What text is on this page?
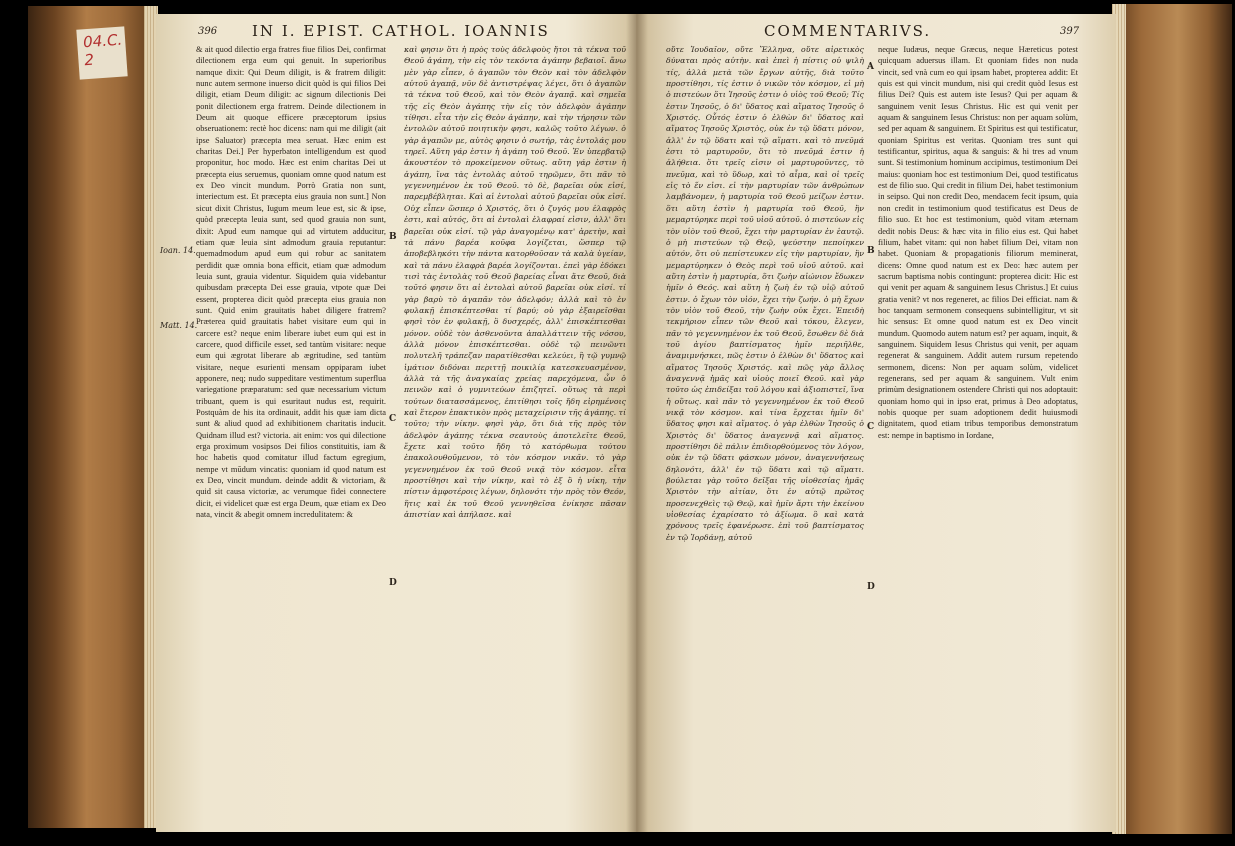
04.C.
2
396 IN I. EPIST. CATHOL. IOANNIS

& ait quod dilectio erga fratres fiue filios Dei, confirmat dilectionem erga eum qui genuit. In superioribus namque dixit: Qui Deum diligit, is & fratrem diligit: nunc autem sermone inuerso dicit quòd is qui filios Dei diligit, etiam Deum diligit: ac signum dilectionis Dei ponit dilectionem erga fratrem. Deinde dilectionem in Deum ait quoque efficere præceptorum ipsius obseruationem: rectè hoc dicens: nam qui me diligit (ait ipse Saluator) præcepta mea seruat. Hæc enim est charitas Dei.] Per hyperbaton intelligendum est quod proponitur, hoc modo. Hæc est enim charitas Dei ut præcepta eius seruemus, quoniam omne quod natum est ex Deo vincit mundum. Porrò Gratia non sunt, interiectum est. Et præcepta eius grauia non sunt.] Non sicut dixit Christus, Iugum meum leue est, sic & ipse, quòd præcepta leuia sunt, sed quod grauia non sunt, dixit: Apud eum namque qui ad virtutem adducitur, etiam quæ leuia sint admodum grauia reputantur: quemadmodum apud eum qui robur ac sanitatem perdidit quæ omnia bona efficit, etiam quæ admodum leuia sunt, grauia videntur. Siquidem quia videbantur quibusdam præcepta Dei esse grauia, vtpote quæ Dei essent, propterea dicit quòd præcepta eius grauia non sunt. Quid enim grauitatis habet diligere fratrem? Præterea quid grauitatis habet visitare eum qui in carcere est? neque enim liberare iubet eum qui est in carcere, quod difficile esset, sed tantùm visitare: neque eum qui ægrotat liberare ab ægritudine, sed tantùm visitare, neque esurienti mensam oppiparam iubet apponere, neq; nudo suppeditare vestimentum superflua variegatione præparatum: sed quæ necessarium victum tribuant, quem is qui esuritaut nudus est, requirit. Postquàm de his ita ordinauit, addit his quæ iam dicta sunt & aliud quod ad exhibitionem charitatis inducit. Quidnam illud est? victoria. ait enim: vos qui dilectione erga proximum vosipsos Dei filios constituitis, iam & hoc habetis quod comitatur illud factum egregium, nempe vt mūdum vincatis: quoniam id quod natum est ex Deo, vincit mundum. deinde addit & victoriam, & quid sit causa victoriæ, ac verumque fidei connectere dicit, ei videlicet quæ est erga Deum, quæ etiam ex Deo nata, vincit & abegit omnem incredulitatem: &

καὶ φησιν ὅτι ἡ πρὸς τοὺς ἀδελφοὺς ἤτοι τὰ τέκνα τοῦ Θεοῦ ἀγάπη, τὴν εἰς τὸν τεκόντα ἀγάπην βεβαιοῖ. ἄνω μὲν γὰρ εἶπεν, ὁ ἀγαπῶν τὸν Θεὸν καὶ τὸν ἀδελφὸν αὐτοῦ ἀγαπᾷ, νῦν δὲ ἀντιστρέψας λέγει, ὅτι ὁ ἀγαπῶν τὰ τέκνα τοῦ Θεοῦ, καὶ τὸν Θεὸν ἀγαπᾷ. καὶ σημεῖα τῆς εἰς Θεὸν ἀγάπης τὴν εἰς τὸν ἀδελφὸν ἀγάπην τίθησι. εἶτα τὴν εἰς Θεὸν ἀγάπην, καὶ τὴν τήρησιν τῶν ἐντολῶν αὐτοῦ ποιητικὴν φησι, καλῶς τοῦτο λέγων. ὁ γὰρ ἀγαπῶν με, αὐτὸς φησιν ὁ σωτήρ, τὰς ἐντολάς μου τηρεῖ. Αὕτη γάρ ἐστιν ἡ ἀγάπη τοῦ Θεοῦ. Ἐν ὑπερβατῷ ἀκουστέον τὸ προκείμενον οὕτως. αὕτη γάρ ἐστιν ἡ ἀγάπη, ἵνα τὰς ἐντολὰς αὐτοῦ τηρῶμεν, ὅτι πᾶν τὸ γεγεννημένον ἐκ τοῦ Θεοῦ. τὸ δὲ, βαρεῖαι οὐκ εἰσί, παρεμβέβληται. Καὶ αἱ ἐντολαὶ αὐτοῦ βαρεῖαι οὐκ εἰσί. Οὐχ εἶπεν ὥσπερ ὁ Χριστός, ὅτι ὁ ζυγός μου ἐλαφρὸς ἐστι, καὶ αὐτός, ὅτι αἱ ἐντολαὶ ἐλαφραί εἰσιν, ἀλλ' ὅτι βαρεῖαι οὐκ εἰσί. τῷ γὰρ ἀναγομένῳ κατ' ἀρετὴν, καὶ τὰ πάνυ βαρέα κοῦφα λογίζεται, ὥσπερ τῷ ἀποβεβληκότι τὴν πάντα κατορθοῦσαν τὰ καλὰ ὑγείαν, καὶ τὰ πάνυ ἐλαφρὰ βαρέα λογίζονται. ἐπεὶ γὰρ ἐδόκει τισὶ τὰς ἐντολὰς τοῦ Θεοῦ βαρείας εἶναι ἅτε Θεοῦ, διὰ τοῦτό φησιν ὅτι αἱ ἐντολαὶ αὐτοῦ βαρεῖαι οὐκ εἰσί. τί γὰρ βαρὺ τὸ ἀγαπᾶν τὸν ἀδελφόν; ἀλλὰ καὶ τὸ ἐν φυλακῇ ἐπισκέπτεσθαι τί βαρύ; οὐ γὰρ ἐξαιρεῖσθαι φησὶ τὸν ἐν φυλακῇ, ὃ δυσχερές, ἀλλ' ἐπισκέπτεσθαι μόνον. οὐδὲ τὸν ἀσθενοῦντα ἀπαλλάττειν τῆς νόσου, ἀλλὰ μόνον ἐπισκέπτεσθαι. οὐδὲ τῷ πεινῶντι πολυτελῆ τράπεζαν παρατίθεσθαι κελεύει, ἢ τῷ γυμνῷ ἱμάτιον διδόναι περιττῇ ποικιλίᾳ κατεσκευασμένον, ἀλλὰ τὰ τῆς ἀναγκαίας χρείας παρεχόμενα, ὧν ὁ πεινῶν καὶ ὁ γυμνιτεύων ἐπιζητεῖ. οὕτως τὰ περὶ τούτων διατασσάμενος, ἐπιτίθησι τοῖς ἤδη εἰρημένοις καὶ ἕτερον ἐπακτικὸν πρὸς μεταχείρισιν τῆς ἀγάπης. τί τοῦτο; τὴν νίκην. φησὶ γὰρ, ὅτι διὰ τῆς πρὸς τὸν ἀδελφὸν ἀγάπης τέκνα σεαυτοὺς ἀποτελεῖτε Θεοῦ, ἔχετε καὶ τοῦτο ἤδη τὸ κατόρθωμα τούτου ἐπακολουθοῦμενον, τὸ τὸν κόσμον νικᾶν. τὸ γὰρ γεγεννημένον ἐκ τοῦ Θεοῦ νικᾷ τὸν κόσμον. εἶτα προστίθησι καὶ τὴν νίκην, καὶ τὸ ἐξ ὃ ἡ νίκη, τὴν πίστιν ἀμφοτέροις λέγων, δηλονότι τὴν πρὸς τὸν Θεόν, ἥτις καὶ ἐκ τοῦ Θεοῦ γεννηθεῖσα ἐνίκησε πᾶσαν ἀπιστίαν καὶ ἀπήλασε. καὶ

Ioan. 14.
Matt. 14.
B
C
D
COMMENTARIVS.	397

οὔτε Ἰουδαῖον, οὔτε Ἕλληνα, οὔτε αἱρετικὸς δύναται πρὸς αὐτὴν. καὶ ἐπεὶ ἡ πίστις οὐ ψιλὴ τίς, ἀλλὰ μετὰ τῶν ἔργων αὐτῆς, διὰ τοῦτο προστίθησι, τίς ἐστιν ὁ νικῶν τὸν κόσμον, εἰ μὴ ὁ πιστεύων ὅτι Ἰησοῦς ἐστιν ὁ υἱὸς τοῦ Θεοῦ; Τίς ἐστιν Ἰησοῦς, ὁ δι' ὕδατος καὶ αἵματος Ἰησοῦς ὁ Χριστός. Οὗτός ἐστιν ὁ ἐλθὼν δι' ὕδατος καὶ αἵματος Ἰησοῦς Χριστὸς, οὐκ ἐν τῷ ὕδατι μόνον, ἀλλ' ἐν τῷ ὕδατι καὶ τῷ αἵματι. καὶ τὸ πνεῦμά ἐστι τὸ μαρτυροῦν, ὅτι τὸ πνεῦμά ἐστιν ἡ ἀλήθεια. ὅτι τρεῖς εἰσιν οἱ μαρτυροῦντες, τὸ πνεῦμα, καὶ τὸ ὕδωρ, καὶ τὸ αἷμα, καὶ οἱ τρεῖς εἰς τὸ ἕν εἰσι. εἰ τὴν μαρτυρίαν τῶν ἀνθρώπων λαμβάνομεν, ἡ μαρτυρία τοῦ Θεοῦ μείζων ἐστιν. ὅτι αὕτη ἐστὶν ἡ μαρτυρία τοῦ Θεοῦ, ἣν μεμαρτύρηκε περὶ τοῦ υἱοῦ αὐτοῦ. ὁ πιστεύων εἰς τὸν υἱὸν τοῦ Θεοῦ, ἔχει τὴν μαρτυρίαν ἐν ἑαυτῷ. ὁ μὴ πιστεύων τῷ Θεῷ, ψεύστην πεποίηκεν αὐτόν, ὅτι οὐ πεπίστευκεν εἰς τὴν μαρτυρίαν, ἣν μεμαρτύρηκεν ὁ Θεὸς περὶ τοῦ υἱοῦ αὐτοῦ. καὶ αὕτη ἐστὶν ἡ μαρτυρία, ὅτι ζωὴν αἰώνιον ἔδωκεν ἡμῖν ὁ Θεός. καὶ αὕτη ἡ ζωὴ ἐν τῷ υἱῷ αὐτοῦ ἐστιν. ὁ ἔχων τὸν υἱόν, ἔχει τὴν ζωήν. ὁ μὴ ἔχων τὸν υἱὸν τοῦ Θεοῦ, τὴν ζωὴν οὐκ ἔχει. Ἐπειδὴ τεκμήριον εἶπεν τῶν Θεοῦ καὶ τόκου, ἔλεγεν, πᾶν τὸ γεγεννημένον ἐκ τοῦ Θεοῦ, ἔσωθεν δὲ διὰ τοῦ ἁγίου βαπτίσματος ἡμῖν περιῆλθε, ἀναμιμνήσκει, πῶς ἐστιν ὁ ἐλθὼν δι' ὕδατος καὶ αἵματος Ἰησοῦς Χριστός. καὶ πῶς γὰρ ἄλλος ἀναγεννᾷ ἡμᾶς καὶ υἱοὺς ποιεῖ Θεοῦ. καὶ γὰρ τοῦτο ὡς ἐπιδείξαι τοῦ λόγου καὶ ἀξιοπιστεῖ, ἵνα ἡ οὕτως. καὶ πᾶν τὸ γεγεννημένον ἐκ τοῦ Θεοῦ νικᾷ τὸν κόσμον. καὶ τίνα ἔρχεται ἡμῖν δι' ὕδατος φησι καὶ αἵματος. ὁ γὰρ ἐλθὼν Ἰησοῦς ὁ Χριστὸς δι' ὕδατος ἀναγεννᾷ καὶ αἵματος. προστίθησι δὲ πάλιν ἐπιδιορθούμενος τὸν λόγον, οὐκ ἐν τῷ ὕδατι φάσκων μόνον, ἀναγεννήσεως δηλονότι, ἀλλ' ἐν τῷ ὕδατι καὶ τῷ αἵματι. βούλεται γὰρ τοῦτο δεῖξαι τῆς υἱοθεσίας ἡμᾶς Χριστὸν τὴν αἰτίαν, ὅτι ἐν αὐτῷ πρῶτος προσενεχθεὶς τῷ Θεῷ, καὶ ἡμῖν ἄρτι τὴν ἐκείνου υἱοθεσίας ἐχαρίσατο τὸ ἀξίωμα. ὃ καὶ κατὰ χρόνους τρεῖς ἐφανέρωσε. ἐπὶ τοῦ βαπτίσματος ἐν τῷ Ἰορδάνῃ, αὐτοῦ

neque Iudæus, neque Græcus, neque Hæreticus potest quicquam aduersus illam. Et quoniam fides non nuda vincit, sed vnà cum eo qui ipsam habet, propterea addit: Et quis est qui vincit mundum, nisi qui credit quòd Iesus est filius Dei? Quis est autem iste Iesus? Qui per aquam & sanguinem venit Iesus Christus. Hic est qui venit per aquam & sanguinem Iesus Christus: non per aquam solùm, sed per aquam & sanguinem. Et Spiritus est qui testificatur, quoniam Spiritus est veritas. Quoniam tres sunt qui testificantur, spiritus, aqua & sanguis: & hi tres ad vnum sunt. Si testimonium hominum accipimus, testimonium Dei maius: quoniam hoc est testimonium Dei, quod testificatus est de filio suo. Qui credit in filium Dei, habet testimonium in seipso. Qui non credit Deo, mendacem fecit ipsum, quia non credit in testimonium quod testificatus est Deus de filio suo. Et hoc est testimonium, quòd vitam æternam dedit nobis Deus: & hæc vita in filio eius est. Qui habet filium, habet vitam: qui non habet filium Dei, vitam non habet. Quoniam & propagationis filiorum meminerat, dicens: Omne quod natum est ex Deo: hæc autem per sacrum baptisma nobis contingunt: propterea dicit: Hic est qui venit per aquam & sanguinem Iesus Christus.] Et cuius gratia venit? vt nos regeneret, ac filios Dei efficiat. nam & hoc tanquam sermonem consequens subintelligitur, vt sit hic sensus: Et omne quod natum est ex Deo vincit mundum. Quomodo autem natum est? per aquam, inquit, & sanguinem. Siquidem Iesus Christus qui venit, per aquam regenerat & sanguinem. Addit autem rursum repetendo sermonem, dicens: Non per aquam solùm, videlicet regenerans, sed per aquam & sanguinem. Vult enim primùm designationem ostendere Christi qui nos adoptauit: quoniam homo qui in ipso erat, primus à Deo adoptatus, nobis quoque per suam adoptionem dedit huiusmodi dignitatem, quod etiam tribus temporibus demonstratum est: nempe in baptismo in Iordane,

A
B
C
D
